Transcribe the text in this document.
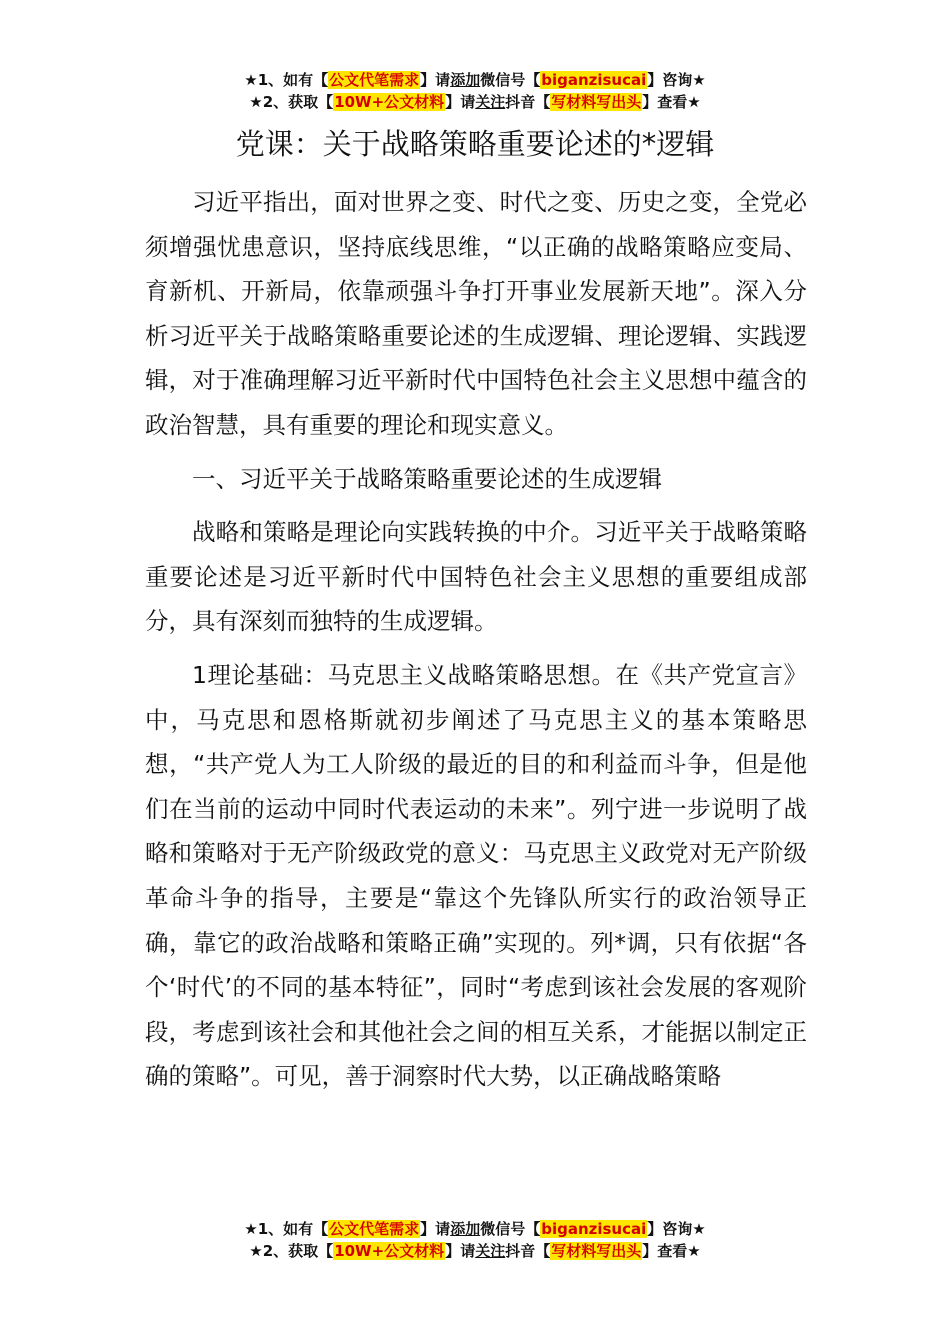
★1、如有【公文代笔需求】请添加微信号【biganzisucai】咨询★
★2、获取【10W+公文材料】请关注抖音【写材料写出头】查看★
党课：关于战略策略重要论述的*逻辑

习近平指出，面对世界之变、时代之变、历史之变，全党必须增强忧患意识，坚持底线思维，“以正确的战略策略应变局、育新机、开新局，依靠顽强斗争打开事业发展新天地”。深入分析习近平关于战略策略重要论述的生成逻辑、理论逻辑、实践逻辑，对于准确理解习近平新时代中国特色社会主义思想中蕴含的政治智慧，具有重要的理论和现实意义。

一、习近平关于战略策略重要论述的生成逻辑

战略和策略是理论向实践转换的中介。习近平关于战略策略重要论述是习近平新时代中国特色社会主义思想的重要组成部分，具有深刻而独特的生成逻辑。

1理论基础：马克思主义战略策略思想。在《共产党宣言》中，马克思和恩格斯就初步阐述了马克思主义的基本策略思想，“共产党人为工人阶级的最近的目的和利益而斗争，但是他们在当前的运动中同时代表运动的未来”。列宁进一步说明了战略和策略对于无产阶级政党的意义：马克思主义政党对无产阶级革命斗争的指导，主要是“靠这个先锋队所实行的政治领导正确，靠它的政治战略和策略正确”实现的。列*调，只有依据“各个‘时代’的不同的基本特征”，同时“考虑到该社会发展的客观阶段，考虑到该社会和其他社会之间的相互关系，才能据以制定正确的策略”。可见，善于洞察时代大势，以正确战略策略

★1、如有【公文代笔需求】请添加微信号【biganzisucai】咨询★
★2、获取【10W+公文材料】请关注抖音【写材料写出头】查看★
